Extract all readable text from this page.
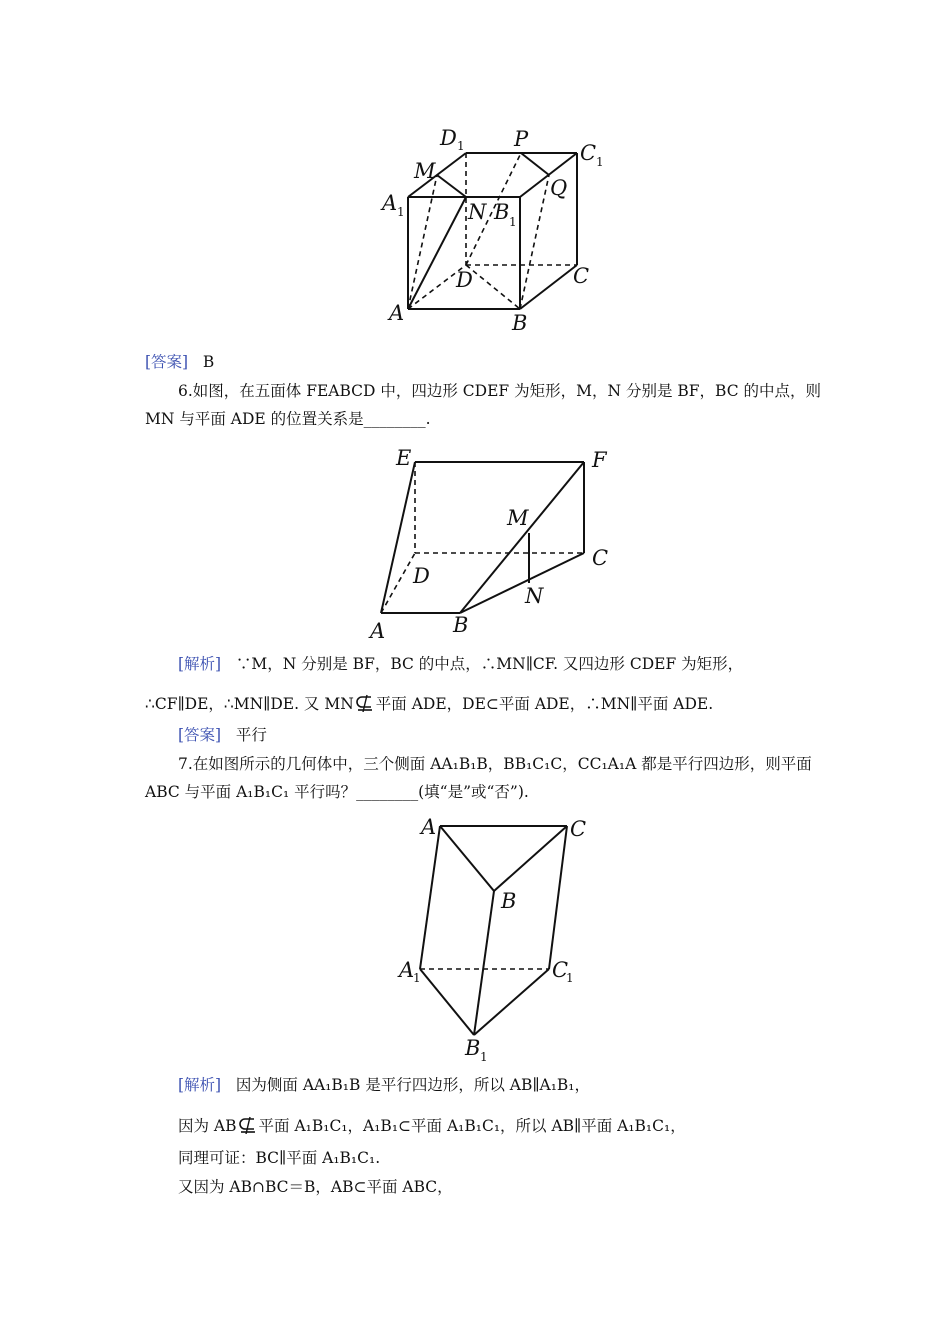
D 1 P
C 1
M
Q
A 1	N B 1
D	C
A	B
[答案] B
6.如图，在五面体 FEABCD 中，四边形 CDEF 为矩形，M，N 分别是 BF，BC 的中点，则
MN 与平面 ADE 的位置关系是________.
E	F
M
C
D
N
A	B
[解析] ∵M，N 分别是 BF，BC 的中点，∴MN∥CF. 又四边形 CDEF 为矩形，
∴CF∥DE，∴MN∥DE. 又 MN 平面 ADE，DE⊂平面 ADE，∴MN∥平面 ADE.
[答案] 平行
7.在如图所示的几何体中，三个侧面 AA₁B₁B，BB₁C₁C，CC₁A₁A 都是平行四边形，则平面
ABC 与平面 A₁B₁C₁ 平行吗？________(填“是”或“否”).
A	C
B
A
1	C
1
B 1
[解析] 因为侧面 AA₁B₁B 是平行四边形，所以 AB∥A₁B₁，
因为 AB 平面 A₁B₁C₁，A₁B₁⊂平面 A₁B₁C₁，所以 AB∥平面 A₁B₁C₁，
同理可证：BC∥平面 A₁B₁C₁.
又因为 AB∩BC＝B，AB⊂平面 ABC，
